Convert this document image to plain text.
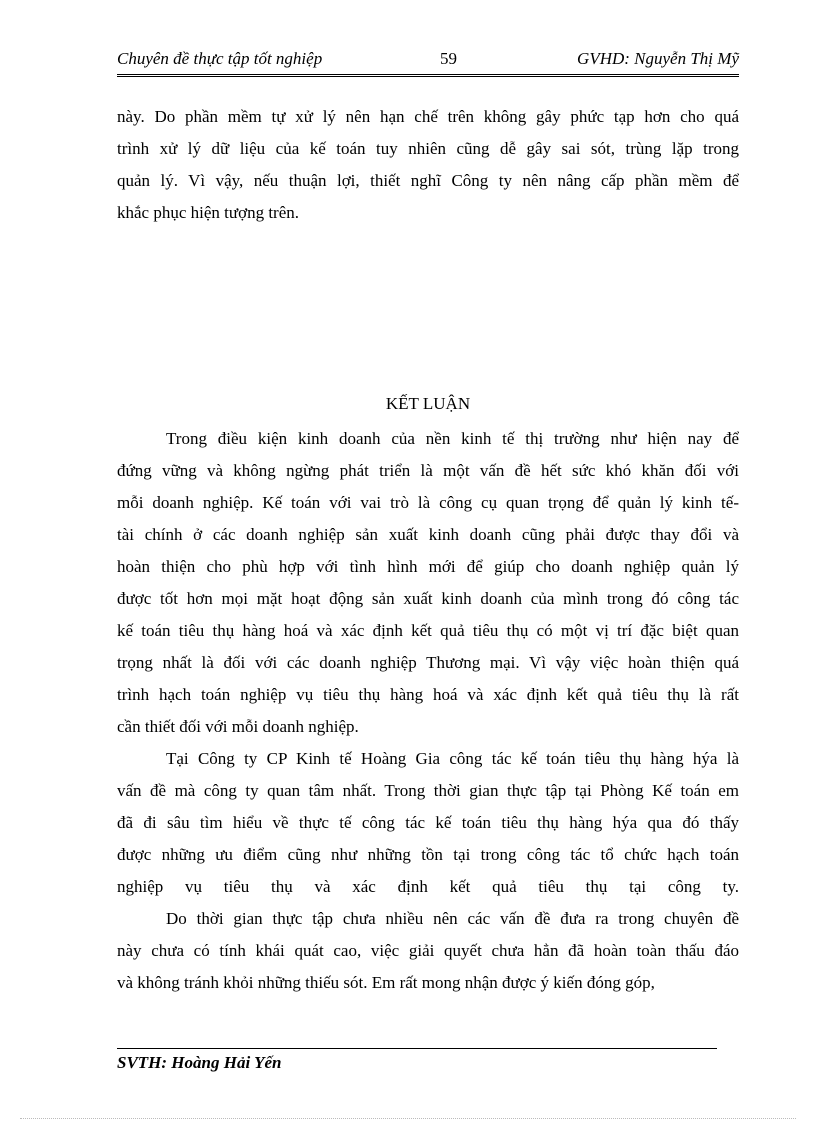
Chuyên đề thực tập tốt nghiệp	59	GVHD: Nguyễn Thị Mỹ
này. Do phần mềm tự xử lý nên hạn chế trên không gây phức tạp hơn cho quá
trình xử lý dữ liệu của kế toán tuy nhiên cũng dễ gây sai sót, trùng lặp trong
quản lý. Vì vậy, nếu thuận lợi, thiết nghĩ Công ty nên nâng cấp phần mềm để
khắc phục hiện tượng trên.
KẾT LUẬN
Trong điều kiện kinh doanh của nền kinh tế thị trường như hiện nay để
đứng vững và không ngừng phát triển là một vấn đề hết sức khó khăn đối với
mỗi doanh nghiệp. Kế toán với vai trò là công cụ quan trọng để quản lý kinh tế-
tài chính ở các doanh nghiệp sản xuất kinh doanh cũng phải được thay đổi và
hoàn thiện cho phù hợp với tình hình mới để giúp cho doanh nghiệp quản lý
được tốt hơn mọi mặt hoạt động sản xuất kinh doanh của mình trong đó công tác
kế toán tiêu thụ hàng hoá và xác định kết quả tiêu thụ có một vị trí đặc biệt quan
trọng nhất là đối với các doanh nghiệp Thương mại. Vì vậy việc hoàn thiện quá
trình hạch toán nghiệp vụ tiêu thụ hàng hoá và xác định kết quả tiêu thụ là rất
cần thiết đối với mỗi doanh nghiệp.
Tại Công ty CP Kinh tế Hoàng Gia công tác kế toán tiêu thụ hàng hýa là
vấn đề mà công ty quan tâm nhất. Trong thời gian thực tập tại Phòng Kế toán em
đã đi sâu tìm hiểu về thực tế công tác kế toán tiêu thụ hàng hýa qua đó thấy
được những ưu điểm cũng như những tồn tại trong công tác tổ chức hạch toán
nghiệp vụ tiêu thụ và xác định kết quả tiêu thụ tại công ty.
Do thời gian thực tập chưa nhiều nên các vấn đề đưa ra trong chuyên đề
này chưa có tính khái quát cao, việc giải quyết chưa hẳn đã hoàn toàn thấu đáo
và không tránh khỏi những thiếu sót. Em rất mong nhận được ý kiến đóng góp,
SVTH: Hoàng Hải Yến
